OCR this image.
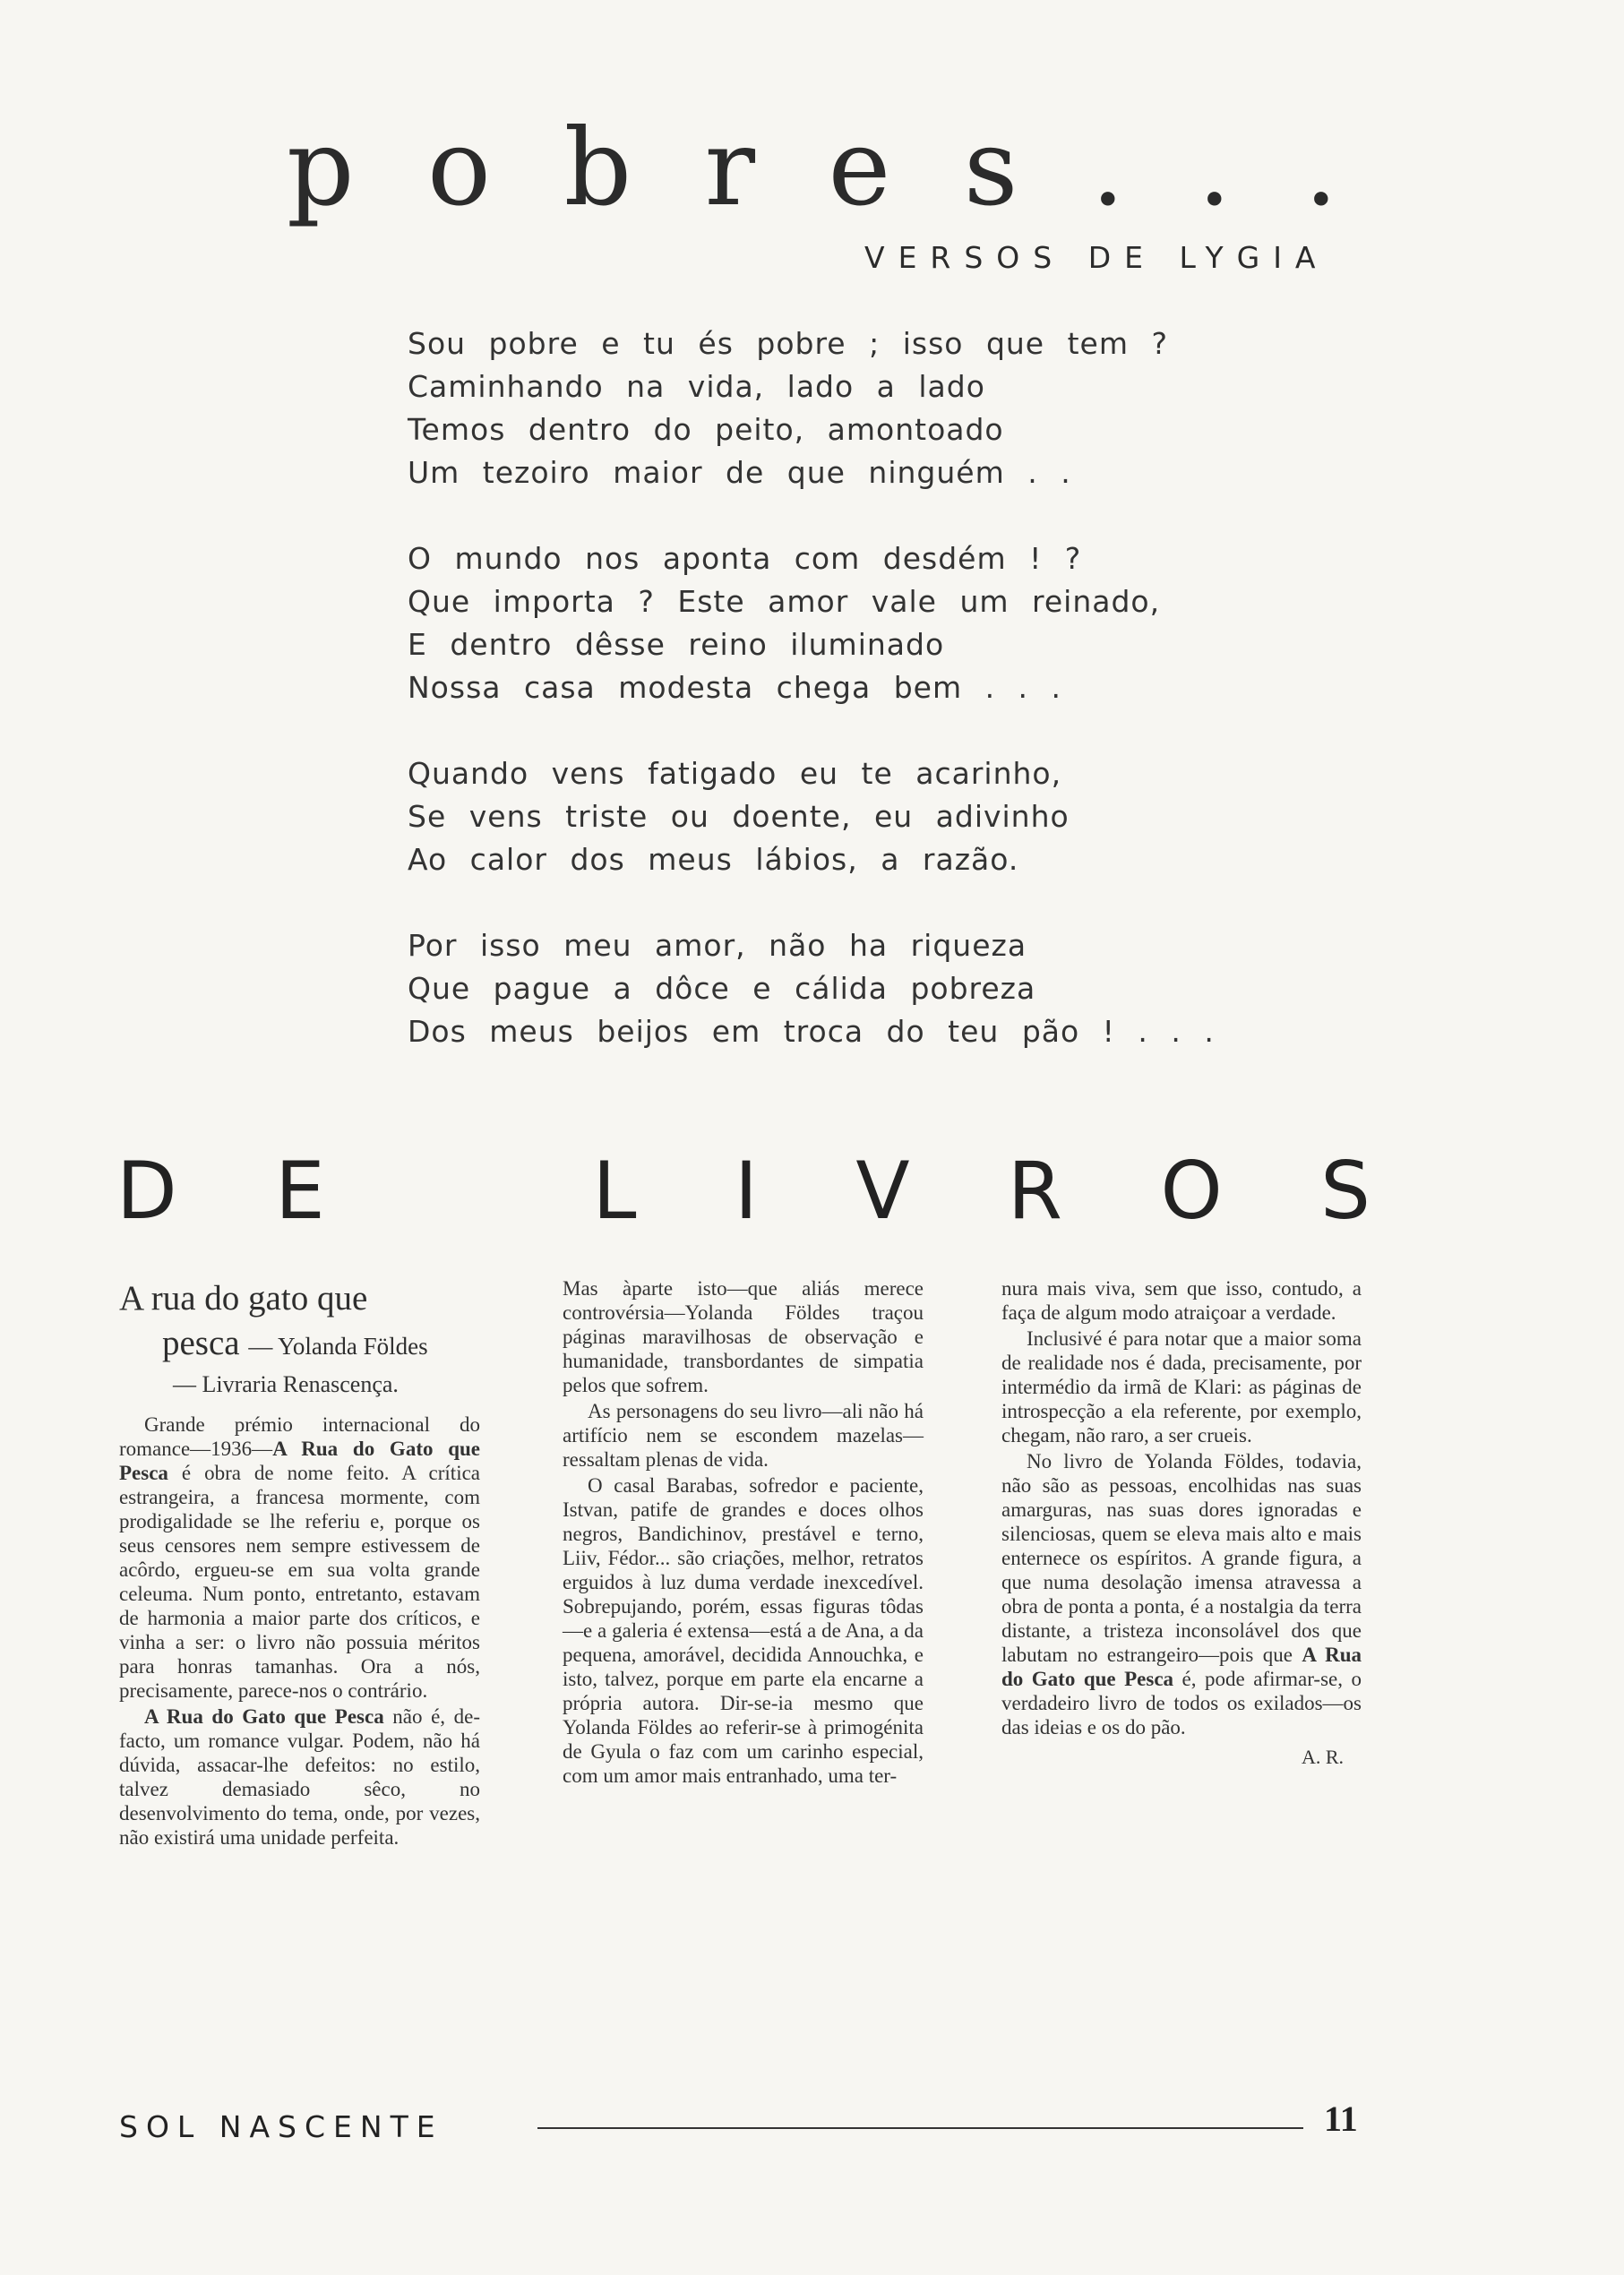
p o b r e s . . .
VERSOS DE LYGIA
Sou pobre e tu és pobre ; isso que tem ?
Caminhando na vida, lado a lado
Temos dentro do peito, amontoado
Um tezoiro maior de que ninguém . .
O mundo nos aponta com desdém ! ?
Que importa ? Este amor vale um reinado,
E dentro dêsse reino iluminado
Nossa casa modesta chega bem . . .
Quando vens fatigado eu te acarinho,
Se vens triste ou doente, eu adivinho
Ao calor dos meus lábios, a razão.
Por isso meu amor, não ha riqueza
Que pague a dôce e cálida pobreza
Dos meus beijos em troca do teu pão ! . . .
D E	L I V R O S
A rua do gato que
pesca — Yolanda Földes
— Livraria Renascença.

Grande prémio internacional do romance—1936—A Rua do Gato que Pesca é obra de nome feito. A crítica estrangeira, a francesa mormente, com prodigalidade se lhe referiu e, porque os seus censores nem sempre estivessem de acôrdo, ergueu-se em sua volta grande celeuma. Num ponto, entretanto, estavam de harmonia a maior parte dos críticos, e vinha a ser: o livro não possuia méritos para honras tamanhas. Ora a nós, precisamente, parece-nos o contrário.

A Rua do Gato que Pesca não é, de-facto, um romance vulgar. Podem, não há dúvida, assacar-lhe defeitos: no estilo, talvez demasiado sêco, no desenvolvimento do tema, onde, por vezes, não existirá uma unidade perfeita.

Mas àparte isto—que aliás merece controvérsia—Yolanda Földes traçou páginas maravilhosas de observação e humanidade, transbordantes de simpatia pelos que sofrem.

As personagens do seu livro—ali não há artifício nem se escondem mazelas—ressaltam plenas de vida.

O casal Barabas, sofredor e paciente, Istvan, patife de grandes e doces olhos negros, Bandichinov, prestável e terno, Liiv, Fédor... são criações, melhor, retratos erguidos à luz duma verdade inexcedível. Sobrepujando, porém, essas figuras tôdas—e a galeria é extensa—está a de Ana, a da pequena, amorável, decidida Annouchka, e isto, talvez, porque em parte ela encarne a própria autora. Dir-se-ia mesmo que Yolanda Földes ao referir-se à primogénita de Gyula o faz com um carinho especial, com um amor mais entranhado, uma ter-

nura mais viva, sem que isso, contudo, a faça de algum modo atraiçoar a verdade.

Inclusivé é para notar que a maior soma de realidade nos é dada, precisamente, por intermédio da irmã de Klari: as páginas de introspecção a ela referente, por exemplo, chegam, não raro, a ser crueis.

No livro de Yolanda Földes, todavia, não são as pessoas, encolhidas nas suas amarguras, nas suas dores ignoradas e silenciosas, quem se eleva mais alto e mais enternece os espíritos. A grande figura, a que numa desolação imensa atravessa a obra de ponta a ponta, é a nostalgia da terra distante, a tristeza inconsolável dos que labutam no estrangeiro—pois que A Rua do Gato que Pesca é, pode afirmar-se, o verdadeiro livro de todos os exilados—os das ideias e os do pão.

A. R.
SOL NASCENTE	11
